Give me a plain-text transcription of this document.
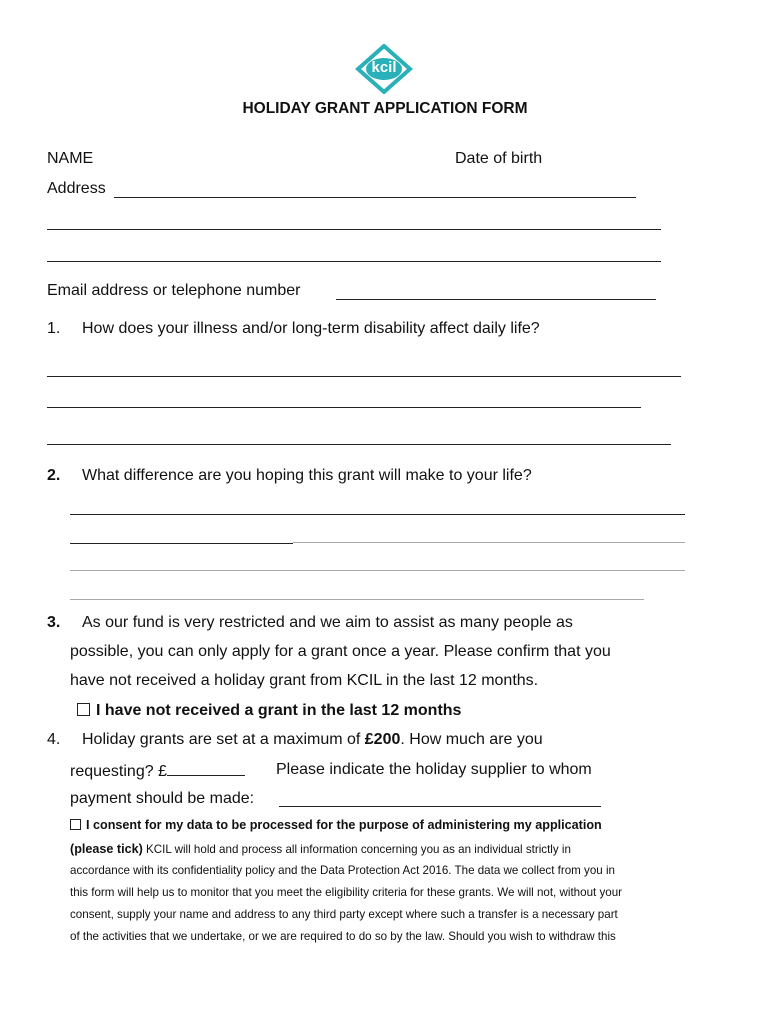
kcil
HOLIDAY GRANT APPLICATION FORM
NAME	Date of birth
Address
Email address or telephone number
1. How does your illness and/or long-term disability affect daily life?
2. What difference are you hoping this grant will make to your life?
3. As our fund is very restricted and we aim to assist as many people as
possible, you can only apply for a grant once a year. Please confirm that you
have not received a holiday grant from KCIL in the last 12 months.
I have not received a grant in the last 12 months
4. Holiday grants are set at a maximum of £200. How much are you
requesting? £	Please indicate the holiday supplier to whom
payment should be made:
I consent for my data to be processed for the purpose of administering my application
(please tick) KCIL will hold and process all information concerning you as an individual strictly in
accordance with its confidentiality policy and the Data Protection Act 2016. The data we collect from you in
this form will help us to monitor that you meet the eligibility criteria for these grants. We will not, without your
consent, supply your name and address to any third party except where such a transfer is a necessary part
of the activities that we undertake, or we are required to do so by the law. Should you wish to withdraw this
